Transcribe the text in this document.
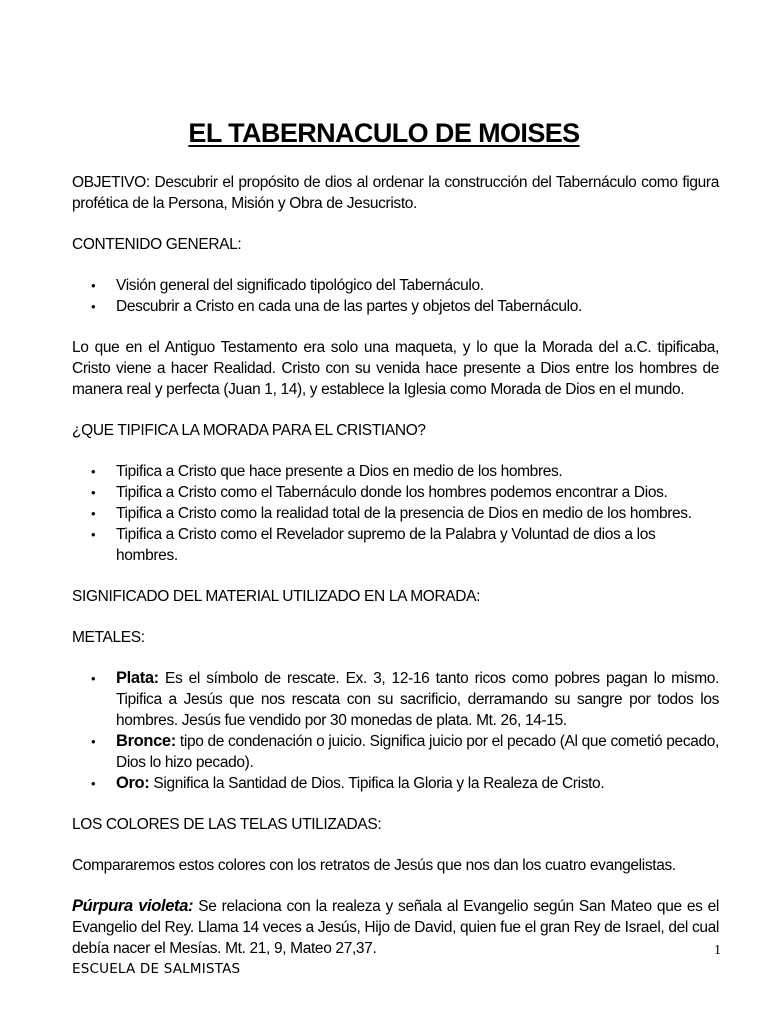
EL TABERNACULO DE MOISES

OBJETIVO: Descubrir el propósito de dios al ordenar la construcción del Tabernáculo como figura profética de la Persona, Misión y Obra de Jesucristo.

CONTENIDO GENERAL:

• Visión general del significado tipológico del Tabernáculo.
• Descubrir a Cristo en cada una de las partes y objetos del Tabernáculo.

Lo que en el Antiguo Testamento era solo una maqueta, y lo que la Morada del a.C. tipificaba, Cristo viene a hacer Realidad. Cristo con su venida hace presente a Dios entre los hombres de manera real y perfecta (Juan 1, 14), y establece la Iglesia como Morada de Dios en el mundo.

¿QUE TIPIFICA LA MORADA PARA EL CRISTIANO?

• Tipifica a Cristo que hace presente a Dios en medio de los hombres.
• Tipifica a Cristo como el Tabernáculo donde los hombres podemos encontrar a Dios.
• Tipifica a Cristo como la realidad total de la presencia de Dios en medio de los hombres.
• Tipifica a Cristo como el Revelador supremo de la Palabra y Voluntad de dios a los hombres.

SIGNIFICADO DEL MATERIAL UTILIZADO EN LA MORADA:

METALES:

• Plata: Es el símbolo de rescate. Ex. 3, 12-16 tanto ricos como pobres pagan lo mismo. Tipifica a Jesús que nos rescata con su sacrificio, derramando su sangre por todos los hombres. Jesús fue vendido por 30 monedas de plata. Mt. 26, 14-15.
• Bronce: tipo de condenación o juicio. Significa juicio por el pecado (Al que cometió pecado, Dios lo hizo pecado).
• Oro: Significa la Santidad de Dios. Tipifica la Gloria y la Realeza de Cristo.

LOS COLORES DE LAS TELAS UTILIZADAS:

Compararemos estos colores con los retratos de Jesús que nos dan los cuatro evangelistas.

Púrpura violeta: Se relaciona con la realeza y señala al Evangelio según San Mateo que es el Evangelio del Rey. Llama 14 veces a Jesús, Hijo de David, quien fue el gran Rey de Israel, del cual debía nacer el Mesías. Mt. 21, 9, Mateo 27,37.	1
ESCUELA DE SALMISTAS
